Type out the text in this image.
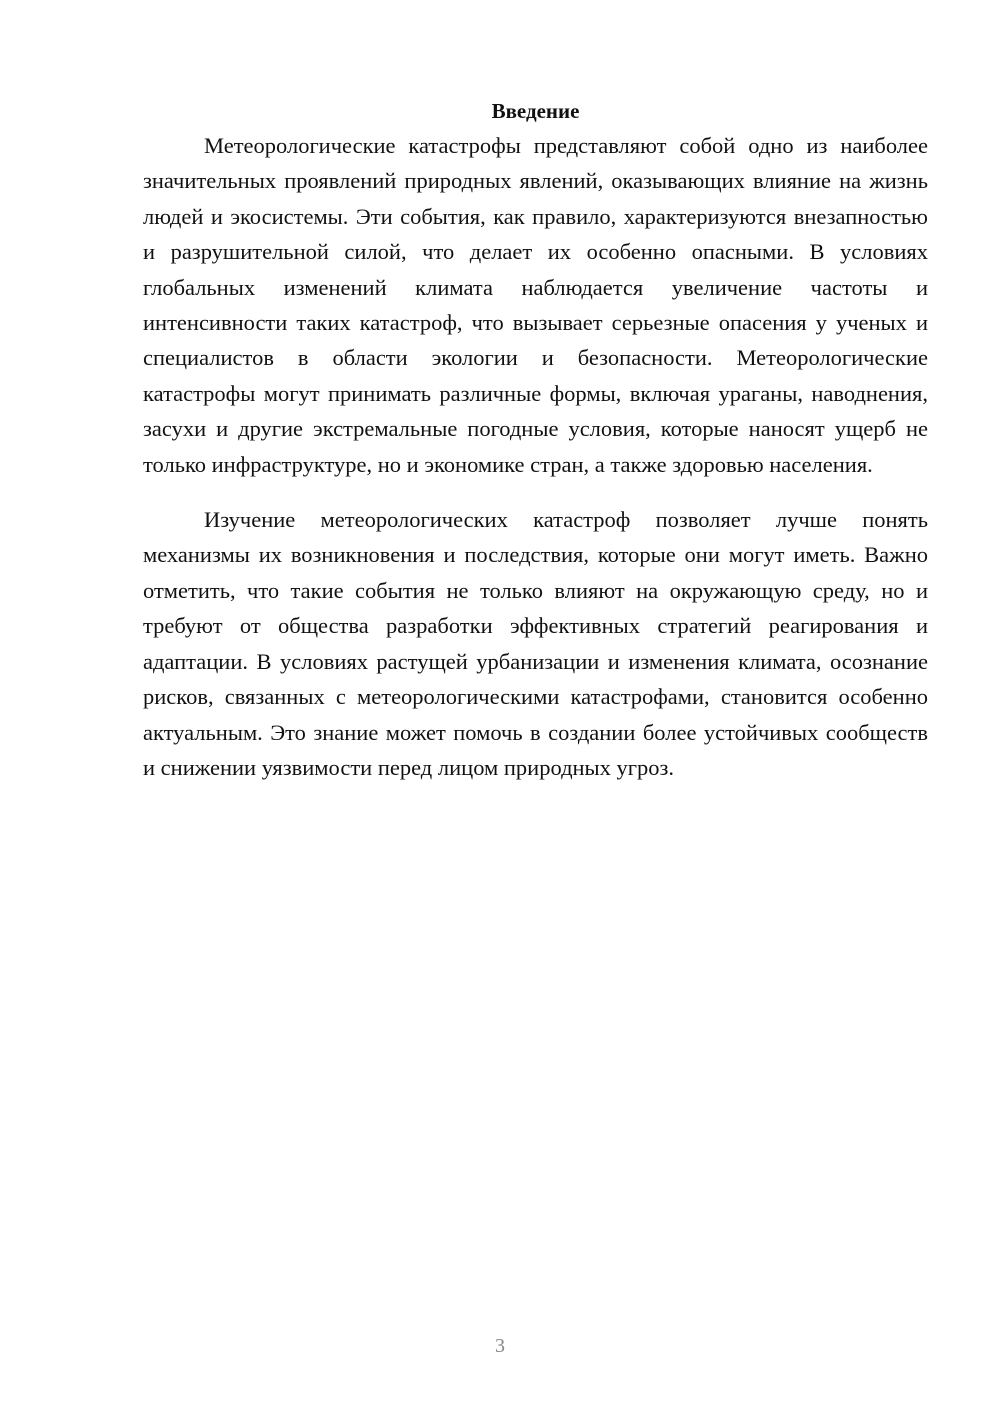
Введение

Метеорологические катастрофы представляют собой одно из наиболее значительных проявлений природных явлений, оказывающих влияние на жизнь людей и экосистемы. Эти события, как правило, характеризуются внезапностью и разрушительной силой, что делает их особенно опасными. В условиях глобальных изменений климата наблюдается увеличение частоты и интенсивности таких катастроф, что вызывает серьезные опасения у ученых и специалистов в области экологии и безопасности. Метеорологические катастрофы могут принимать различные формы, включая ураганы, наводнения, засухи и другие экстремальные погодные условия, которые наносят ущерб не только инфраструктуре, но и экономике стран, а также здоровью населения.

Изучение метеорологических катастроф позволяет лучше понять механизмы их возникновения и последствия, которые они могут иметь. Важно отметить, что такие события не только влияют на окружающую среду, но и требуют от общества разработки эффективных стратегий реагирования и адаптации. В условиях растущей урбанизации и изменения климата, осознание рисков, связанных с метеорологическими катастрофами, становится особенно актуальным. Это знание может помочь в создании более устойчивых сообществ и снижении уязвимости перед лицом природных угроз.

3
